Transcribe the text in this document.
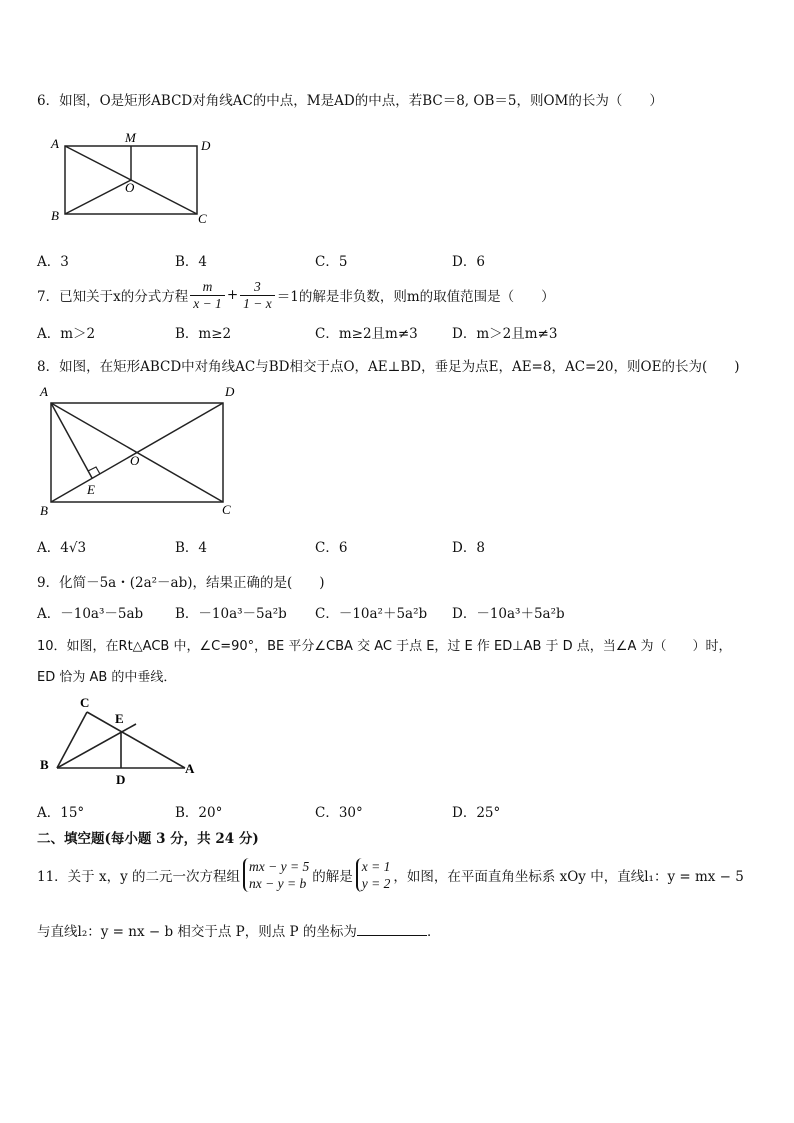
6．如图，O是矩形ABCD对角线AC的中点，M是AD的中点，若BC＝8, OB＝5，则OM的长为（　　）
A	M
D
O
B	C
A．3	B．4	C．5	D．6
7．已知关于x的分式方程 $\frac{m}{x - 1} + \frac{3}{1 - x} =1$的解是非负数，则m的取值范围是（　　）
A．m＞2	B．m≥2	C．m≥2且m≠3	D．m＞2且m≠3
8．如图，在矩形ABCD中对角线AC与BD相交于点O，AE⊥BD，垂足为点E，AE=8，AC=20，则OE的长为(　　)
A	D
O
E
B	C
A．4√3	B．4	C．6	D．8
9．化简－5a・(2a²－ab)，结果正确的是(　　)
A．－10a³－5ab B．－10a³－5a²b C．－10a²＋5a²b D．－10a³＋5a²b
10．如图，在Rt△ACB 中，∠C=90°，BE 平分∠CBA 交 AC 于点 E，过 E 作 ED⊥AB 于 D 点，当∠A 为（　　）时，
ED 恰为 AB 的中垂线．
C
E
B
D
A
A．15°	B．20°	C．30°	D．25°
二、填空题(每小题 3 分，共 24 分)
11．关于 x，y 的二元一次方程组
mx − y = 5
nx − y = b 的解是
x = 1
y = 2 ，如图，在平面直角坐标系 xOy 中，直线l₁：y = mx − 5
与直线l₂：y = nx − b 相交于点 P，则点 P 的坐标为	．
